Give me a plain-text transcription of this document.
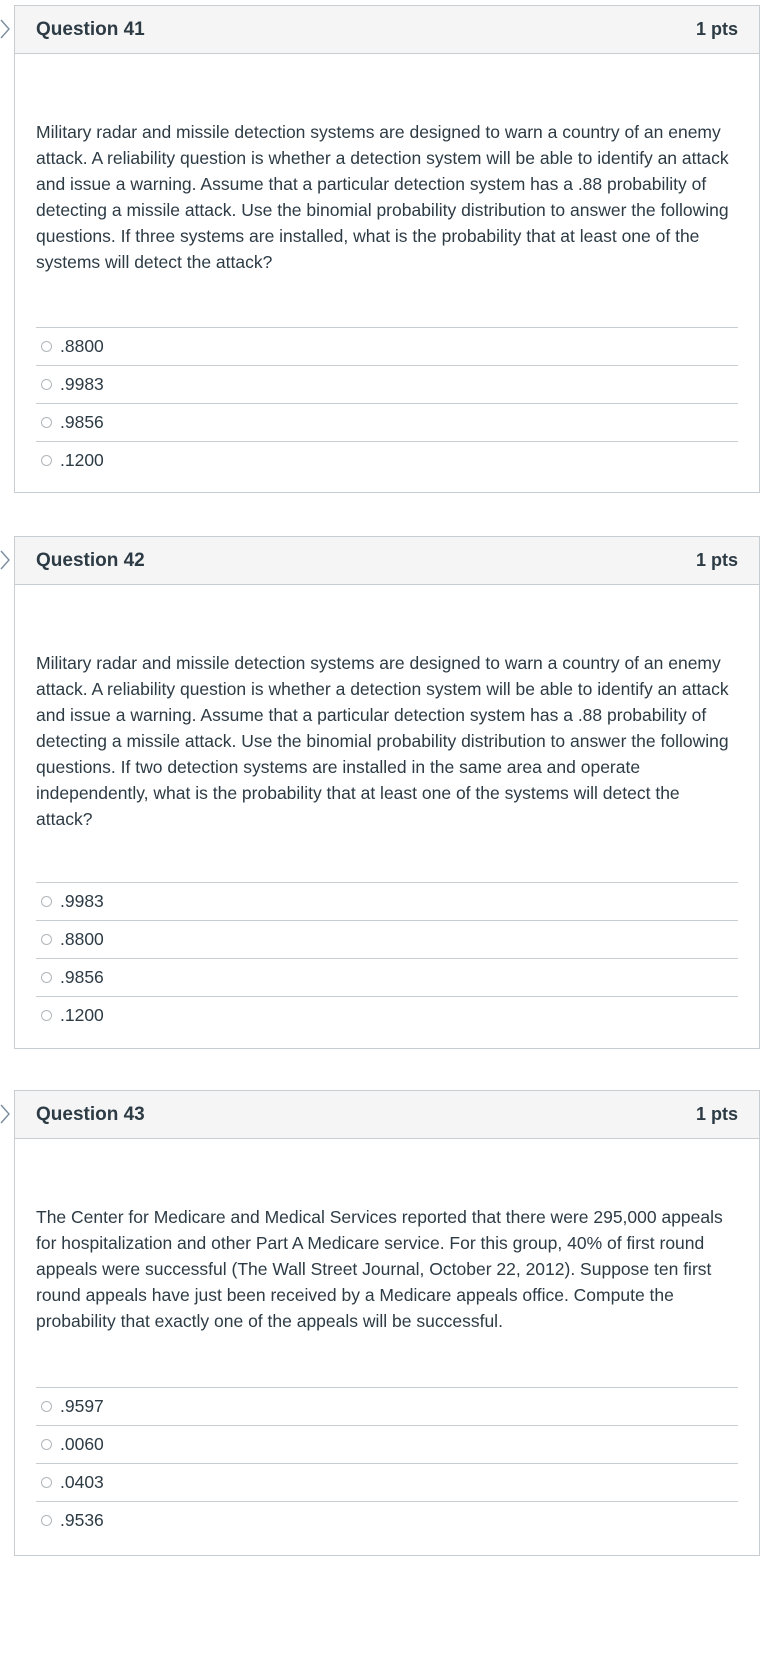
Question 41	1 pts

Military radar and missile detection systems are designed to warn a country of an enemy attack. A reliability question is whether a detection system will be able to identify an attack and issue a warning. Assume that a particular detection system has a .88 probability of detecting a missile attack. Use the binomial probability distribution to answer the following questions. If three systems are installed, what is the probability that at least one of the systems will detect the attack?

.8800
.9983
.9856
.1200
Question 42	1 pts

Military radar and missile detection systems are designed to warn a country of an enemy attack. A reliability question is whether a detection system will be able to identify an attack and issue a warning. Assume that a particular detection system has a .88 probability of detecting a missile attack. Use the binomial probability distribution to answer the following questions. If two detection systems are installed in the same area and operate independently, what is the probability that at least one of the systems will detect the attack?

.9983
.8800
.9856
.1200
Question 43	1 pts

The Center for Medicare and Medical Services reported that there were 295,000 appeals for hospitalization and other Part A Medicare service. For this group, 40% of first round appeals were successful (The Wall Street Journal, October 22, 2012). Suppose ten first round appeals have just been received by a Medicare appeals office. Compute the probability that exactly one of the appeals will be successful.

.9597
.0060
.0403
.9536
